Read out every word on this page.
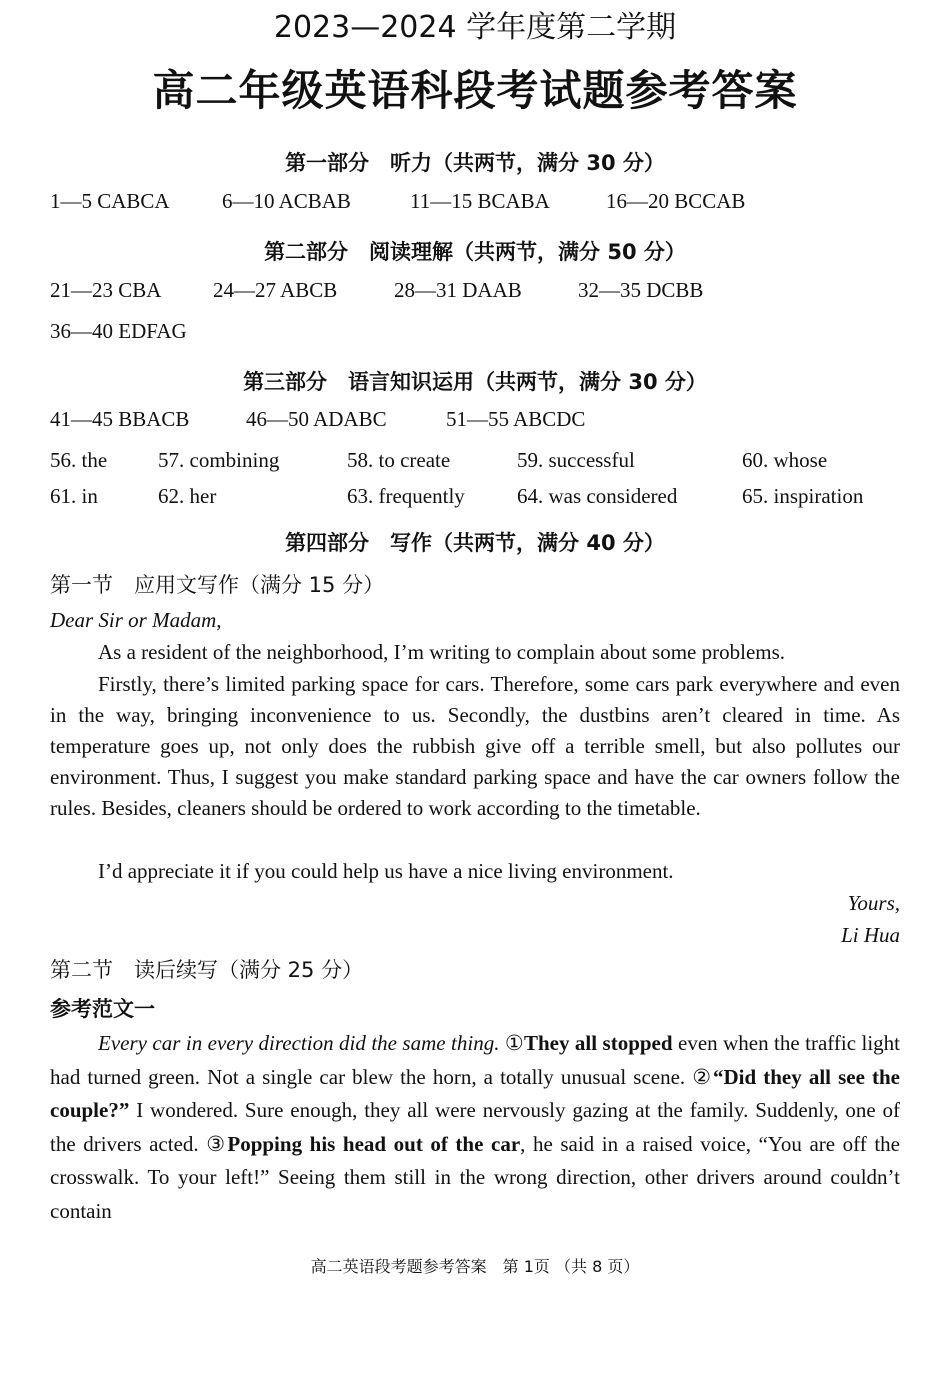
2023—2024 学年度第二学期
高二年级英语科段考试题参考答案
第一部分　听力（共两节，满分 30 分）
1—5 CABCA 6—10 ACBAB	11—15 BCABA	16—20 BCCAB
第二部分　阅读理解（共两节，满分 50 分）
21—23 CBA 24—27 ABCB	28—31 DAAB	32—35 DCBB
36—40 EDFAG
第三部分　语言知识运用（共两节，满分 30 分）
41—45 BBACB	46—50 ADABC	51—55 ABCDC
56. the 57. combining	58. to create	59. successful	60. whose
61. in	62. her	63. frequently 64. was considered	65. inspiration
第四部分　写作（共两节，满分 40 分）
第一节　应用文写作（满分 15 分）
Dear Sir or Madam,
As a resident of the neighborhood, I’m writing to complain about some problems.
Firstly, there’s limited parking space for cars. Therefore, some cars park everywhere and even in the way, bringing inconvenience to us. Secondly, the dustbins aren’t cleared in time. As temperature goes up, not only does the rubbish give off a terrible smell, but also pollutes our environment. Thus, I suggest you make standard parking space and have the car owners follow the rules. Besides, cleaners should be ordered to work according to the timetable.
I’d appreciate it if you could help us have a nice living environment.
Yours,
Li Hua
第二节　读后续写（满分 25 分）
参考范文一
Every car in every direction did the same thing. ①They all stopped even when the traffic light had turned green. Not a single car blew the horn, a totally unusual scene. ②“Did they all see the couple?” I wondered. Sure enough, they all were nervously gazing at the family. Suddenly, one of the drivers acted. ③Popping his head out of the car, he said in a raised voice, “You are off the crosswalk. To your left!” Seeing them still in the wrong direction, other drivers around couldn’t contain
高二英语段考题参考答案　第 1页 （共 8 页）
